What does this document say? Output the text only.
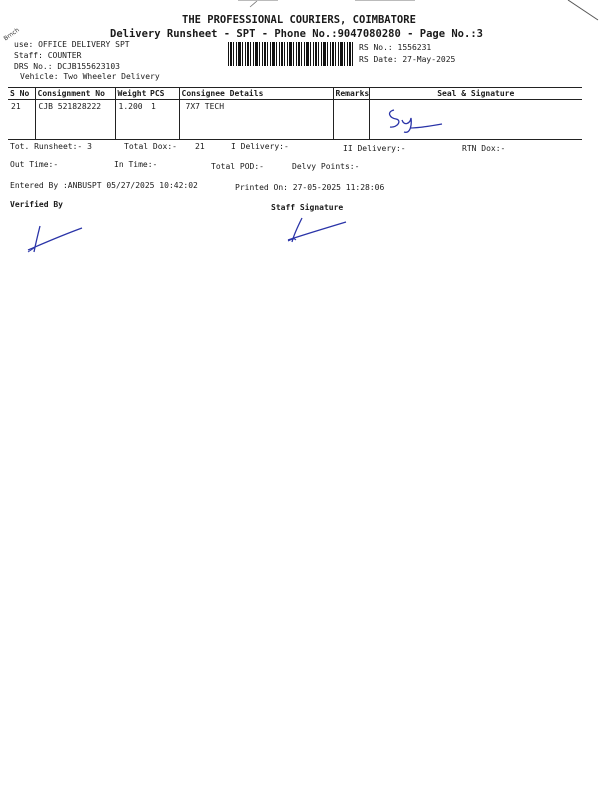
THE PROFESSIONAL COURIERS, COIMBATORE
Delivery Runsheet - SPT - Phone No.:9047080280 - Page No.:3
Brnch
use: OFFICE DELIVERY SPT
Staff: COUNTER
DRS No.: DCJB155623103
Vehicle: Two Wheeler Delivery
RS No.: 1556231
RS Date: 27-May-2025
S No	Consignment No	Weight	PCS	Consignee Details	Remarks	Seal & Signature
21	CJB 521828222	1.200	1	7X7 TECH		
Tot. Runsheet:- 3	Total Dox:- 21	I Delivery:-	II Delivery:-	RTN Dox:-
Out Time:-	In Time:-	Total POD:-	Delvy Points:-
Entered By :ANBUSPT 05/27/2025 10:42:02	Printed On: 27-05-2025 11:28:06
Verified By	Staff Signature
